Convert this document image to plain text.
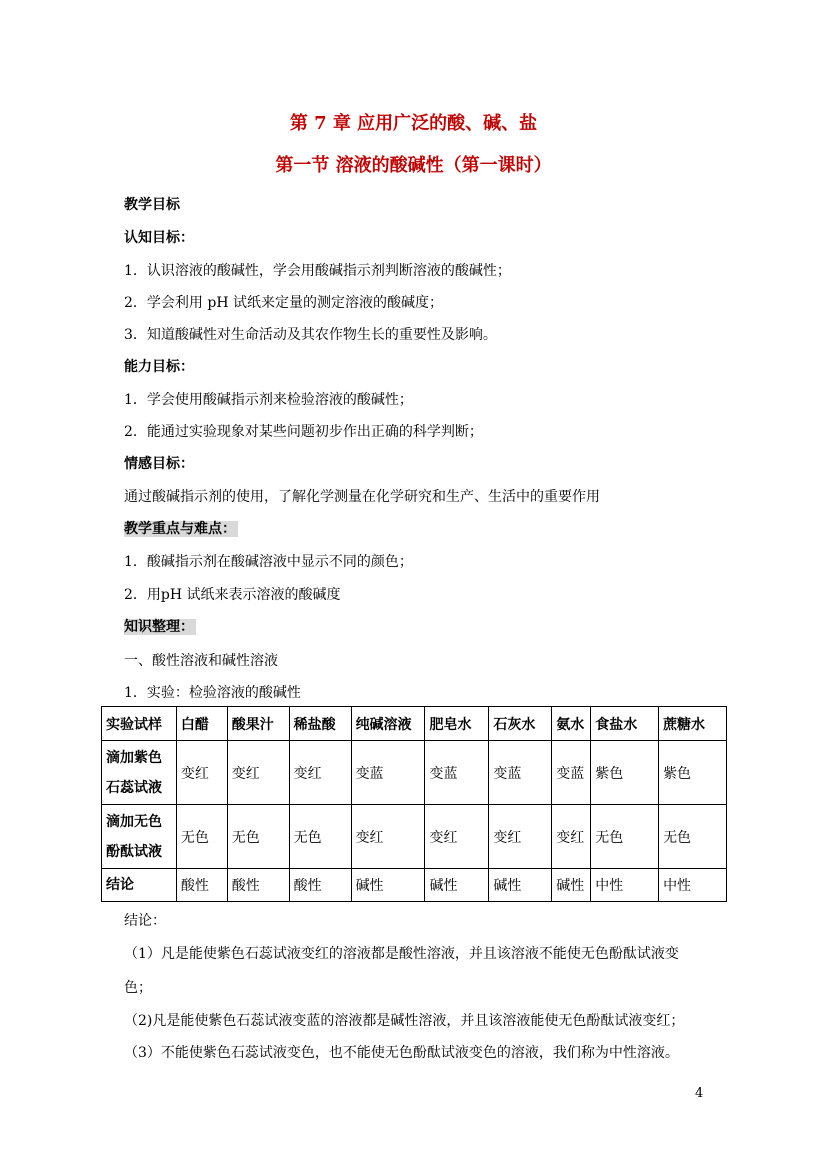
第 7 章 应用广泛的酸、碱、盐
第一节 溶液的酸碱性（第一课时）
教学目标
认知目标：
1．认识溶液的酸碱性，学会用酸碱指示剂判断溶液的酸碱性；
2．学会利用 pH 试纸来定量的测定溶液的酸碱度；
3．知道酸碱性对生命活动及其农作物生长的重要性及影响。
能力目标：
1．学会使用酸碱指示剂来检验溶液的酸碱性；
2．能通过实验现象对某些问题初步作出正确的科学判断；
情感目标：
通过酸碱指示剂的使用，了解化学测量在化学研究和生产、生活中的重要作用
教学重点与难点：
1．酸碱指示剂在酸碱溶液中显示不同的颜色；
2．用pH 试纸来表示溶液的酸碱度
知识整理：
一、酸性溶液和碱性溶液
1．实验：检验溶液的酸碱性
实验试样	白醋	酸果汁	稀盐酸	纯碱溶液	肥皂水	石灰水	氨水	食盐水	蔗糖水
滴加紫色
石蕊试液	变红	变红	变红	变蓝	变蓝	变蓝	变蓝	紫色	紫色
滴加无色
酚酞试液	无色	无色	无色	变红	变红	变红	变红	无色	无色
结论	酸性	酸性	酸性	碱性	碱性	碱性	碱性	中性	中性
结论：
（1）凡是能使紫色石蕊试液变红的溶液都是酸性溶液，并且该溶液不能使无色酚酞试液变
色；
（2)凡是能使紫色石蕊试液变蓝的溶液都是碱性溶液，并且该溶液能使无色酚酞试液变红；
（3）不能使紫色石蕊试液变色，也不能使无色酚酞试液变色的溶液，我们称为中性溶液。
4
